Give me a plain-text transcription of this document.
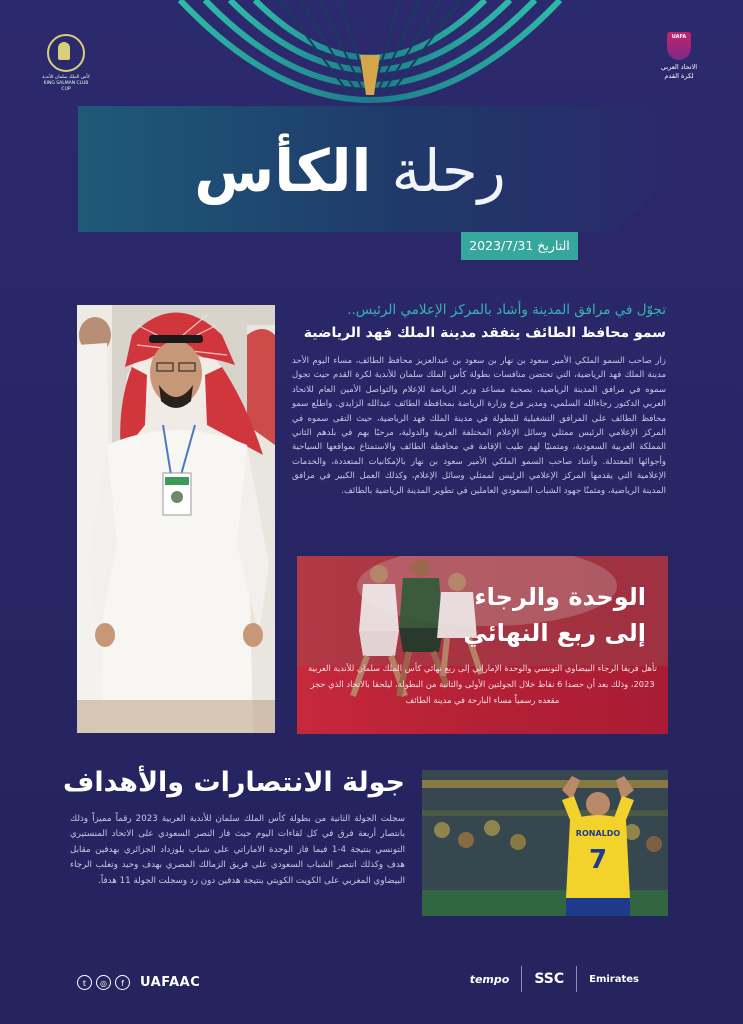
كأس الملك سلمان للأندية KING SALMAN CLUB CUP
UAFA
الاتحاد العربي
لكرة القدم
رحلة الكأس
التاريخ 2023/7/31
تجوّل في مرافق المدينة وأشاد بالمركز الإعلامي الرئيس..
سمو محافظ الطائف يتفقد مدينة الملك فهد الرياضية
زار صاحب السمو الملكي الأمير سعود بن نهار بن سعود بن عبدالعزيز محافظ الطائف، مساء اليوم الأحد مدينة الملك فهد الرياضية، التي تحتضن منافسات بطولة كأس الملك سلمان للأندية لكرة القدم حيث تجول سموه في مرافق المدينة الرياضية، بصحبة مساعد وزير الرياضة للإعلام والتواصل الأمين العام للاتحاد العربي الدكتور رجاءالله السلمي، ومدير فرع وزارة الرياضة بمحافظة الطائف عبدالله الزايدي. واطلع سمو محافظ الطائف على المرافق التشغيلية للبطولة في مدينة الملك فهد الرياضية، حيث التقى سموه في المركز الإعلامي الرئيس ممثلي وسائل الإعلام المختلفة العربية والدولية، مرحبًا بهم في بلدهم الثاني المملكة العربية السعودية، ومتمنيًا لهم طيب الإقامة في محافظة الطائف والاستمتاع بمواقعها السياحية وأجوائها المعتدلة. وأشاد صاحب السمو الملكي الأمير سعود بن نهار بالإمكانيات المتعددة، والخدمات الإعلامية التي يقدمها المركز الإعلامي الرئيس لممثلي وسائل الإعلام، وكذلك العمل الكبير في مرافق المدينة الرياضية، ومثمنًا جهود الشباب السعودي العاملين في تطوير المدينة الرياضية بالطائف.
الوحدة والرجاء
إلى ربع النهائي
تأهل فريقا الرجاء البيضاوي التونسي والوحدة الإماراتي إلى ربع نهائي كأس الملك سلمان للأندية العربية 2023، وذلك بعد أن حصدا 6 نقاط خلال الجولتين الأولى والثانية من البطولة، ليلحقا بالاتحاد الذي حجز مقعده رسمياً مساء البارحة في مدينة الطائف
جولة الانتصارات والأهداف
سجلت الجولة الثانية من بطولة كأس الملك سلمان للأندية العربية 2023 رقماً مميزاً وذلك بانتصار أربعة فرق في كل لقاءات اليوم حيث فاز النصر السعودي على الاتحاد المنستيري التونسي بنتيجة 4-1 فيما فاز الوحدة الاماراتي على شباب بلوزداد الجزائري بهدفين مقابل هدف وكذلك انتصر الشباب السعودي على فريق الزمالك المصري بهدف وحيد وتغلب الرجاء البيضاوي المغربي على الكويت الكويتي بنتيجة هدفين دون رد وسجلت الجولة 11 هدفاً.
RONALDO
7
t	◎	f	UAFAAC	tempo	SSC	Emirates
